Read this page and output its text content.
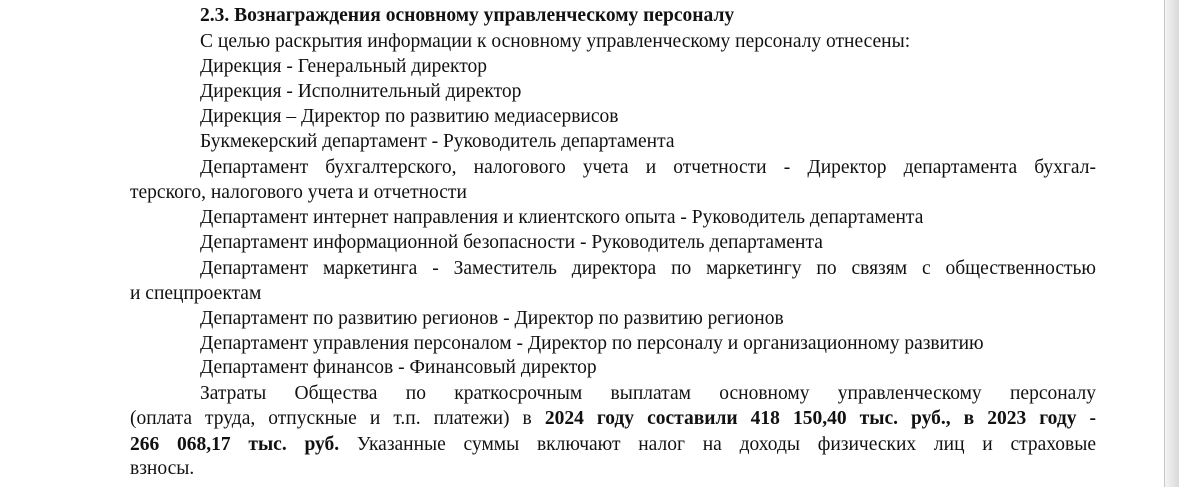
2.3. Вознаграждения основному управленческому персоналу
С целью раскрытия информации к основному управленческому персоналу отнесены:
Дирекция - Генеральный директор
Дирекция - Исполнительный директор
Дирекция – Директор по развитию медиасервисов
Букмекерский департамент - Руководитель департамента
Департамент бухгалтерского, налогового учета и отчетности - Директор департамента бухгал-
терского, налогового учета и отчетности
Департамент интернет направления и клиентского опыта - Руководитель департамента
Департамент информационной безопасности - Руководитель департамента
Департамент маркетинга - Заместитель директора по маркетингу по связям с общественностью
и спецпроектам
Департамент по развитию регионов - Директор по развитию регионов
Департамент управления персоналом - Директор по персоналу и организационному развитию
Департамент финансов - Финансовый директор
Затраты Общества по краткосрочным выплатам основному управленческому персоналу
(оплата труда, отпускные и т.п. платежи) в 2024 году составили 418 150,40 тыс. руб., в 2023 году -
266 068,17 тыс. руб. Указанные суммы включают налог на доходы физических лиц и страховые
взносы.
